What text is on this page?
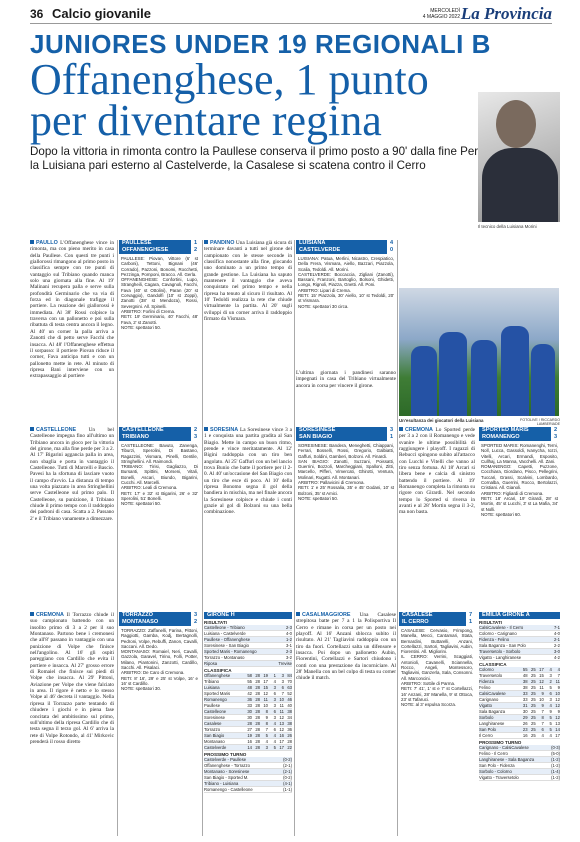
36 Calcio giovanile	MERCOLEDÌ
4 MAGGIO 2022 La Provincia
JUNIORES UNDER 19 REGIONALI B
Offanenghese, 1 punto per diventare regina
Dopo la vittoria in rimonta contro la Paullese conserva il primo posto a 90' dalla fine Per la Luisiana pari esterno al Castelverde, la Casalese si scatena contro il Cerro
Il tecnico della Luisiana Morini
PAULLO L'Offanenghese vince in rimonta, ma con pieno merito in casa della Paullese. Con questi tre punti i giallorossi rimangono al primo posto in classifica sempre con tre punti di vantaggio sul Tribiano quando manca solo una giornata alla fine. Al 19' Malinani recupera palla e serve sulla profondità Germinario che va via di forza ed in diagonale trafigge il portiere. La reazione dei giallorossi è immediata. Al 38' Rossi colpisce la traversa con un pallonetto e poi sulla ribattuta di testa centra ancora il legno. Al 40' un corner la palla arriva a Zanotti che di petto serve Facchi che insacca. Al 48' l'Offanenghese effettua il sorpasso: il portiere Piovan riduce il corner, Fava anticipa tutti e con un pallonetto mette in rete. Al minuto di ripresa Bani interviene con un extrapassaggio al portiere
CASTELLEONE Un bel Castelleone impegna fino all'ultimo un Tribiano ancora in gioco per la vittoria del girone, ma alla fine perde per 3 a 2. Al 17' Bigarini aggancia palla in area, non sbaglia e porta in vantaggio il Castelleone. Tutti di Marcelli e Bascio. Pavesi ha la sfortuna di lasciare vuoto il campo d'avvio. La distanza di tempo una volta piazzato in area Stringhellini serve Castelleone sul primo palo. Il Castelleone, su punizione, il Tribiano chiude il primo tempo con il raddoppio dei padroni di casa. Scatta a 2. Passano 2' e il Tribiano vanamente a dimezzare.
CREMONA Il Torrazzo chiude il suo campionato battendo con un insolito primo di 3 a 2 per il suo Montanaso. Partono bene i cremonesi che all'8' passano in vantaggio con una punizione di Volpe che finisce nell'angolino. Al 16' gli ospiti pareggiano con Cardillo che evita il portiere e insacca. Al 27' grosso errore di Romaiel che finisce sui piedi di Volpe che insacca. Al 29' Pittoni, Aviazione per Volpe che viene falciato in area. Il rigore è netto e lo stesso Volpe al 46' decreta il vantaggio. Nella ripresa il Torrazzo parte tentando di chiudere i giochi e in piena fase concitata del ambitissimo sul primo, sull'ultimo della ripresa Cardillo che di testa segna il terzo gol. Al 6' arriva la rete di Volpe Rotondo, al 41' Mirkovic prenderà il rosso diretto
PAULLESE	1
OFFANENGHESE	2

PAULLESE: Piovan, Vittore (6' st Carboni), Tettoni, Bignani (46' Corrado), Pazzoni, Bonomi, Rocchetti, Pezzinga, Pomponi, Bracco. All. Gerla.

OFFANENGHESE: Confortini, Lupo, Strangheili, Cagara, Cavagnoli, Facchi, Fava (40' st Ottolini), Paran (20' st Corvaggio), Gandolfi (10' st Zoppi), Zanotti (38' st Mendoza), Rossi, Severgnini. All. Spinelli.

ARBITRO: Forlini di Crema.

RETI: 19' Germinario, 40' Facchi, 48' Fava, 2' st Zanotti.

NOTE: spettatori 50.

CASTELLEONE	2
TRIBIANO	3

CASTELLEONE: Bavuto, Zanenga, Tiburzi, Sperolini, Di Bastano, Ragazzini, Vismara, Pinelli, Gentile, Stringhellini. All. Raimondi.

TRIBIANO: Tirisi, Gagliazzo, Di Bursanti, Spittini, Morseni, Vitali, Bonelli, Ascari, Biundo, Bigarini, Cucchi. All. Marcelli.

ARBITRO: Leali di Cremona.

RETI: 17' e 32' st Bigarini, 26' e 32' Sperolini, 51' Bonelli.

NOTE: spettatori 50.

TORRAZZO	3
MONTANASO	2

TORRAZZO: Zaffanelli, Farina, Pittoni, Raggiotti, Gamba, Kodj, Bertagnolli, Pedroni, Volpe, Rebuffi, Zanon, Cavalli, Saccani. All. Dedo.

MONTANASO: Romaiel, Neri, Cavalli, Gazzola, Garavel, Tirino, Folli, Potter, Milano, Piantonini, Zanzotti, Cardillo, Sacchi. All. Pisalaci.

ARBITRO: De Caro di Cremona.

RETI: 8' 16', 29' e 25' st Volpe, 16' e 16' st Cardillo.

NOTE: spettatori 30.

PANDINO Una Luisiana già sicura di terminare davanti a tutti nel girone del campionato con le stesse seconde in classifica nonostante alla fine, giocando uno dominato a un primo tempo di grande gestione. La Luisiana ha saputo mantenere il vantaggio che aveva conquistato nel primo tempo e nella ripresa ha tenuto al sicuro il risultato. Al 10' Tedoldi realizza la rete che chiude virtualmente la partita. Al 20' sugli sviluppi di un corner arriva il raddoppio firmato da Vismara.
SORESINA La Soresinese vince 3 a 1 e conquista una partita gradita al San Biagio. Mette in campo un buon ritmo, prende e vince meritatamente. Al 12' Bigini raddoppia con un tiro ben angolato. Al 25' Gaffuri con un bel lancio trova Bunio che batte il portiere per il 2-0. Al 40' un'occasione del San Biagio con un tiro che esce di poco. Al 10' della ripresa Bonomo segna il gol della bandiera in mischia, ma nel finale ancora la Soresinese colpisce e chiude i conti grazie al gol di Bolzoni su una bella combinazione.
LUISIANA	4
CASTELVERDE	0

LUISIANA: Patua, Merlini, Nicastro, Crespiatico, Della Frera, Vismara, Aiello, Bazzari, Piazzola, Scalia, Tedoldi. All. Morini.

CASTELVERDE: Boccaccia, Zigliani (Zanotti), Bassani, Franzoni, Bartoglio, Bolsoni, Ghidetti, Longo, Rignoli, Piazza, Gnetti. All. Poni.

ARBITRO: Lipari di Crema.

RETI: 15' Piazzola, 30' Aiello, 10' st Tedoldi, 20' st Vismara.

NOTE: spettatori 30 circa.

L'ultima giornata i pandinesi saranno impegnati in casa del Tribiano virtualmente ancora in corsa per vincere il girone.
SORESINESE	3
SAN BIAGIO	1

SORESINESE: Bandera, Meneghetti, Chiappani, Ferrari, Bosselli, Rossi, Gregorio, Galbiatti, Gaffuri, Soldini, Gamberi, Bolzoni. All. Finardi.

SAN BIAGIO: Zanotti, Suzzani, Poissatti, Guerrini, Bozzoli, Marcheggiani, Spalloni, Zitti, Marcello, Pifferi, Vimercati, Ghirotti, Ventura, Molinari, Rugatti. All. Montanari.

ARBITRO: Pallavicini di Cremona.

RETI: 1' e 25' Rossalia, 35' e 45' Godani, 10' st Bolzoni, 35' st Amici.

NOTE: spettatori 50.

Un'esultanza dei giocatori della Luisiana	FOTOLIVE / RICCARDO LAMBERIADE
CREMONA Lo Sported perde per 3 a 2 con il Romanengo e vede svanire le ultime possibilità di raggiungere i playoff. I ragazzi di Rebucci spingono subito all'attacco con Lucchi e Vitelli che vanno al tiro senza fortuna. Al 18' Arcari si libera bene e calcia di sinistro battendo il portiere. Al 19' Romanengo completa la rimonta su rigore con Girardi. Nel secondo tempo lo Sported si riversa in avanti e al 28' Mortin segna il 3-2, ma non basta.
SPORTED MARIS	2
ROMANENGO	3

SPORTED MARIS: Romanenghi, Terni, Noll, Lucca, Gassoldi, Ivanycha, Iozzi, Vitelli, Arcari, Ermandi, Esposito, Cullhaj, La Manna, Vacchelli. All. Zani.

ROMANENGO: Capetti, Puzzone, Cocchiara, Giordano, Pisco, Pellegrini, Tuccari, Grassi, Scalvini, Lombardo, Cornalba, Guerrini, Rocco, Bertolazzi, Cristiani. All. Gianoli.

ARBITRO: Figliardi di Cremona.

RETI: 18' Arcari, 19' Girardi, 28' st Mortin, 45' st Lucchi, 3' st La Mafia, 34' st Nolli.

NOTE: spettatori 60.

GIRONE H
RISULTATI
Castelleone - Tribiano	2-3
Luisiana - Castelverde	4-0
Paullese - Offanenghese	1-2
Soresinese - San Biagio	3-1
Sported Maris - Romanengo	2-3
Torrazzo - Montanaso	3-2
Riposa	Trevise
CLASSIFICA
Offanenghese	58 28 19	1	3 84
Tribiano	55 28 17	4	3 70
Luisiana	48 28 15	3	6 63
Sported Maris	42 28 12	6	7 52
Romanengo	36 28 11	3 10 46
Paullese	33 28 10	3 11 40
Castelleone	30 28	8	6 11 38
Soresinese	30 28	9	3 12 34
Casalese	28 28	8	4 13 38
Torrazzo	27 28	7	6 12 36
San Biagio	19 28	5	4 16 26
Montanaso	16 28	4	4 17 28
Castelverde	14 28	3	5 17 22
PROSSIMO TURNO
Castelverde - Paullese	(0-2)
Offanenghese - Torrazzo	(2-1)
Montanaso - Soresinese	(2-1)
San Biagio - Sported M.	(0-2)
Tribiano - Luisiana	(4-1)
Romanengo - Castelleone	(1-1)
CASALMAGGIORE Una Casalese strepitosa batte per 7 a 1 la Polisportiva Il Cerro e rimane in corsa per un posto nei playoff. Al 16' Anzani sblocca subito il risultato. Al 21' Tagliavini raddoppia con un tiro da fuori. Cortellazzi salta un difensore e insacca. Poi dopo un pallonetto Aubin, Fiorentini, Cortellazzi e Sartori chiudono i conti con una prestazione da incorniciare. Al 28' Manella con un bel colpo di testa su corner chiude il match.
CASALESE	7
IL CERRO	1

CASALESE: Cervasio, Frimpong, Manella, Mecci, Cantamari, Stata, Bernardini, Buttarelli, Anzani, Cortellazzi, Sartori, Tagliavini, Aubin, Fiorentini. All. Migliorini.

IL CERRO: Verrini, Scaggiati, Antonioli, Cavanelli, Sciannella, Rocco, Angeli, Montessoro, Tagliavini, Ganzerla, Sala, Consonni. All. Marconcini.

ARBITRO: Sottile di Parma.

RETI: 7' 41', 1' st e 7' st Cortellazzi, 16' Anzani, 28' Manella, 9' st Ottoca, 23' st Tafaruci.

NOTE: al 3' espulsa Scorza.

EMILIA GIRONE A
RISULTATI
CalsiCavalese - Il Cerro	7-1
Colorno - Carignano	4-0
Fidenza - Felino	2-1
Sala Baganza - San Polo	2-2
Traversetolo - Sorbolo	3-0
Vigatto - Langhiranese	4-2
CLASSIFICA
Colorno	55 25 17	4	4
Traversetolo	48 25 15	3	7
Fidenza	38 25 12	2 11
Felino	38 25 11	5	9
CalsiCavalese	33 25	9	6 10
Carignano	33 25 10	3 12
Vigatto	31 25	9	4 12
Sala Baganza	30 25	7	9	9
Sorbolo	29 25	8	5 12
Langhiranese	26 25	7	5 13
San Polo	23 25	6	5 14
Il Cerro	16 25	4	4 17
PROSSIMO TURNO
Carignano - CalsiCavalese	(0-3)
Felino - Il Cerro	(5-0)
Langhiranese - Sala Baganza	(1-2)
San Polo - Fidenza	(1-2)
Sorbolo - Colorno	(1-4)
Vigatto - Traversetolo	(1-2)
